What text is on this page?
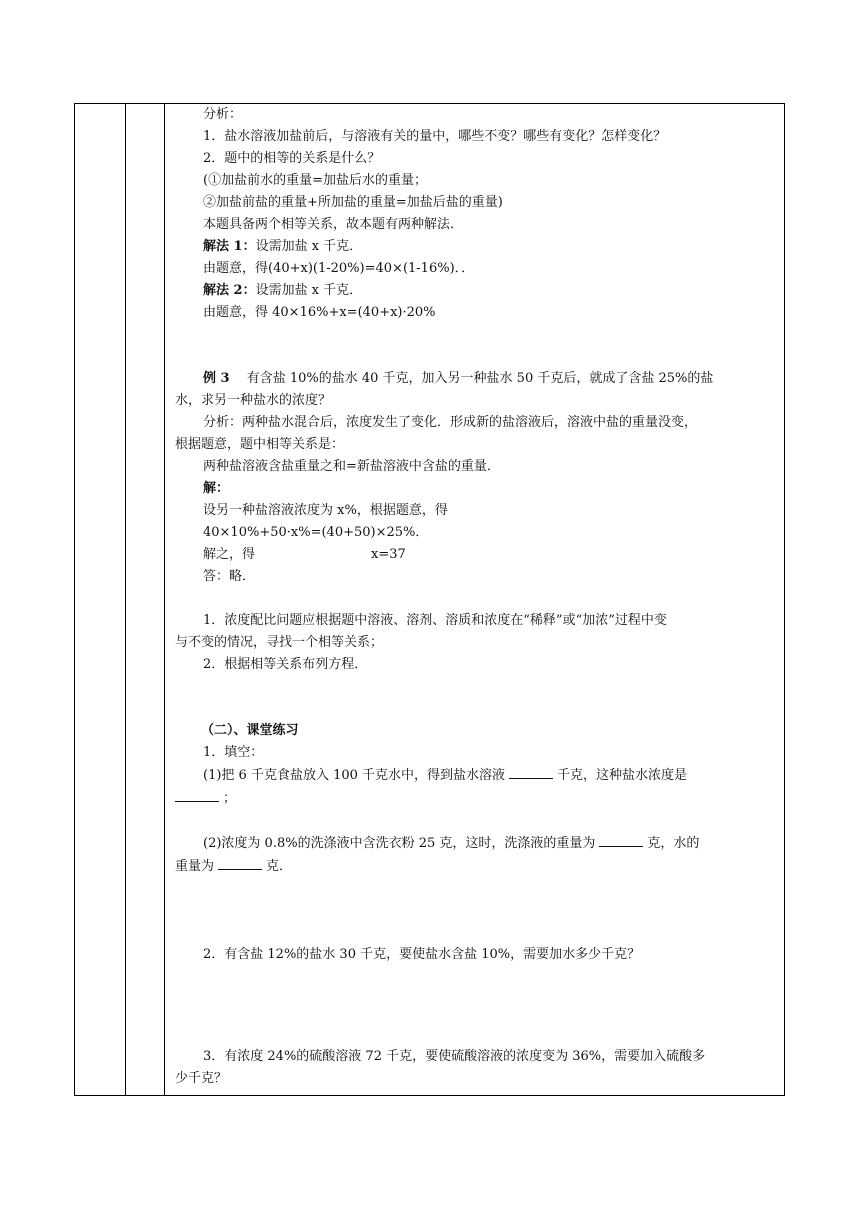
分析：

1．盐水溶液加盐前后，与溶液有关的量中，哪些不变？哪些有变化？怎样变化？

2．题中的相等的关系是什么？

(①加盐前水的重量=加盐后水的重量；

②加盐前盐的重量+所加盐的重量=加盐后盐的重量)

本题具备两个相等关系，故本题有两种解法．

解法 1：设需加盐 x 千克．

由题意，得(40+x)(1-20%)=40×(1-16%)．．

解法 2：设需加盐 x 千克．

由题意，得 40×16%+x=(40+x)·20%

例 3　 有含盐 10%的盐水 40 千克，加入另一种盐水 50 千克后，就成了含盐 25%的盐

水，求另一种盐水的浓度？

分析：两种盐水混合后，浓度发生了变化．形成新的盐溶液后，溶液中盐的重量没变，

根据题意，题中相等关系是：

两种盐溶液含盐重量之和=新盐溶液中含盐的重量．

解：

设另一种盐溶液浓度为 x%，根据题意，得

40×10%+50·x%=(40+50)×25%．

解之，得	x=37

答：略．

1．浓度配比问题应根据题中溶液、溶剂、溶质和浓度在“稀释”或“加浓”过程中变

与不变的情况，寻找一个相等关系；

2．根据相等关系布列方程．

（二）、课堂练习

1．填空：

(1)把 6 千克食盐放入 100 千克水中，得到盐水溶液	千克，这种盐水浓度是

；

(2)浓度为 0.8%的洗涤液中含洗衣粉 25 克，这时，洗涤液的重量为	克，水的

重量为	克．

2．有含盐 12%的盐水 30 千克，要使盐水含盐 10%，需要加水多少千克？

3．有浓度 24%的硫酸溶液 72 千克，要使硫酸溶液的浓度变为 36%，需要加入硫酸多

少千克？
